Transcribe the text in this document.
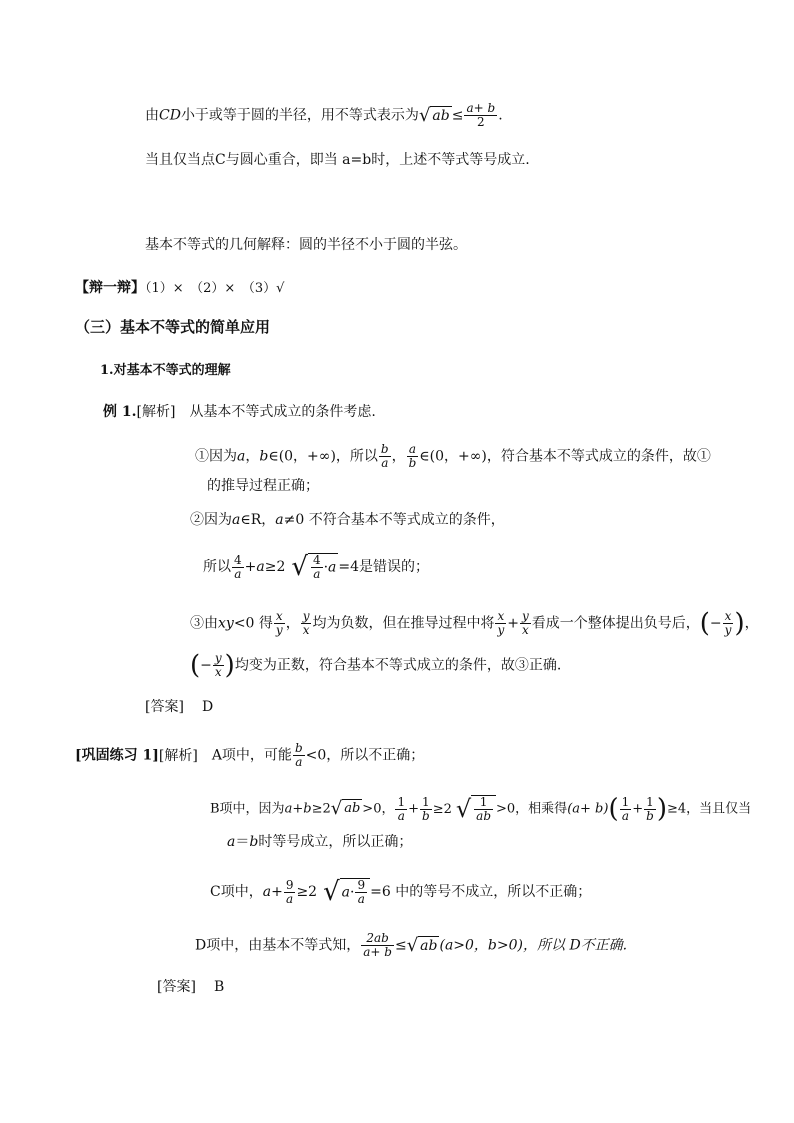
由CD小于或等于圆的半径，用不等式表示为√ ab ≤ $\frac{a+ b}{2}$ .
当且仅当点C与圆心重合，即当 a=b时，上述不等式等号成立.
基本不等式的几何解释：圆的半径不小于圆的半弦。
【辩一辩】（1）×　（2）×　（3）√
（三）基本不等式的简单应用
1.对基本不等式的理解
例 1.[解析] 从基本不等式成立的条件考虑.
①因为a，b∈(0，+∞)，所以 $\frac{b}{a}$ ， $\frac{a}{b}$ ∈(0，+∞)，符合基本不等式成立的条件，故①
的推导过程正确；
②因为a∈R，a≠0 不符合基本不等式成立的条件，
所以 $\frac{4}{a} +a\ge 2$ √ $\frac{4}{a} \cdot a =4$是错误的；
③由xy<0 得 $\frac{x}{y}$ ， $\frac{y}{x}$ 均为负数，但在推导过程中将 $\frac{x}{y} + \frac{y}{x}$ 看成一个整体提出负号后，(− $\frac{x}{y}$ )，
(− $\frac{y}{x}$ )均变为正数，符合基本不等式成立的条件，故③正确.
[答案] D
[巩固练习 1][解析] A项中，可能 $\frac{b}{a} <0$，所以不正确；
B项中，因为a+b≥2√ ab >0， $\frac{1}{a} + \frac{1}{b} \ge 2$ √ $\frac{1}{ab} >0$，相乘得$(a+ b)( \frac{1}{a} + \frac{1}{b} )\ge 4$，当且仅当
a＝b时等号成立，所以正确；
C项中，$a+ \frac{9}{a} \ge 2$ √ $a\cdot \frac{9}{a} =6$ 中的等号不成立，所以不正确；
D项中，由基本不等式知， $\frac{2ab}{a+ b}$ ≤√ ab (a>0，b>0)，所以 D不正确.
[答案] B
